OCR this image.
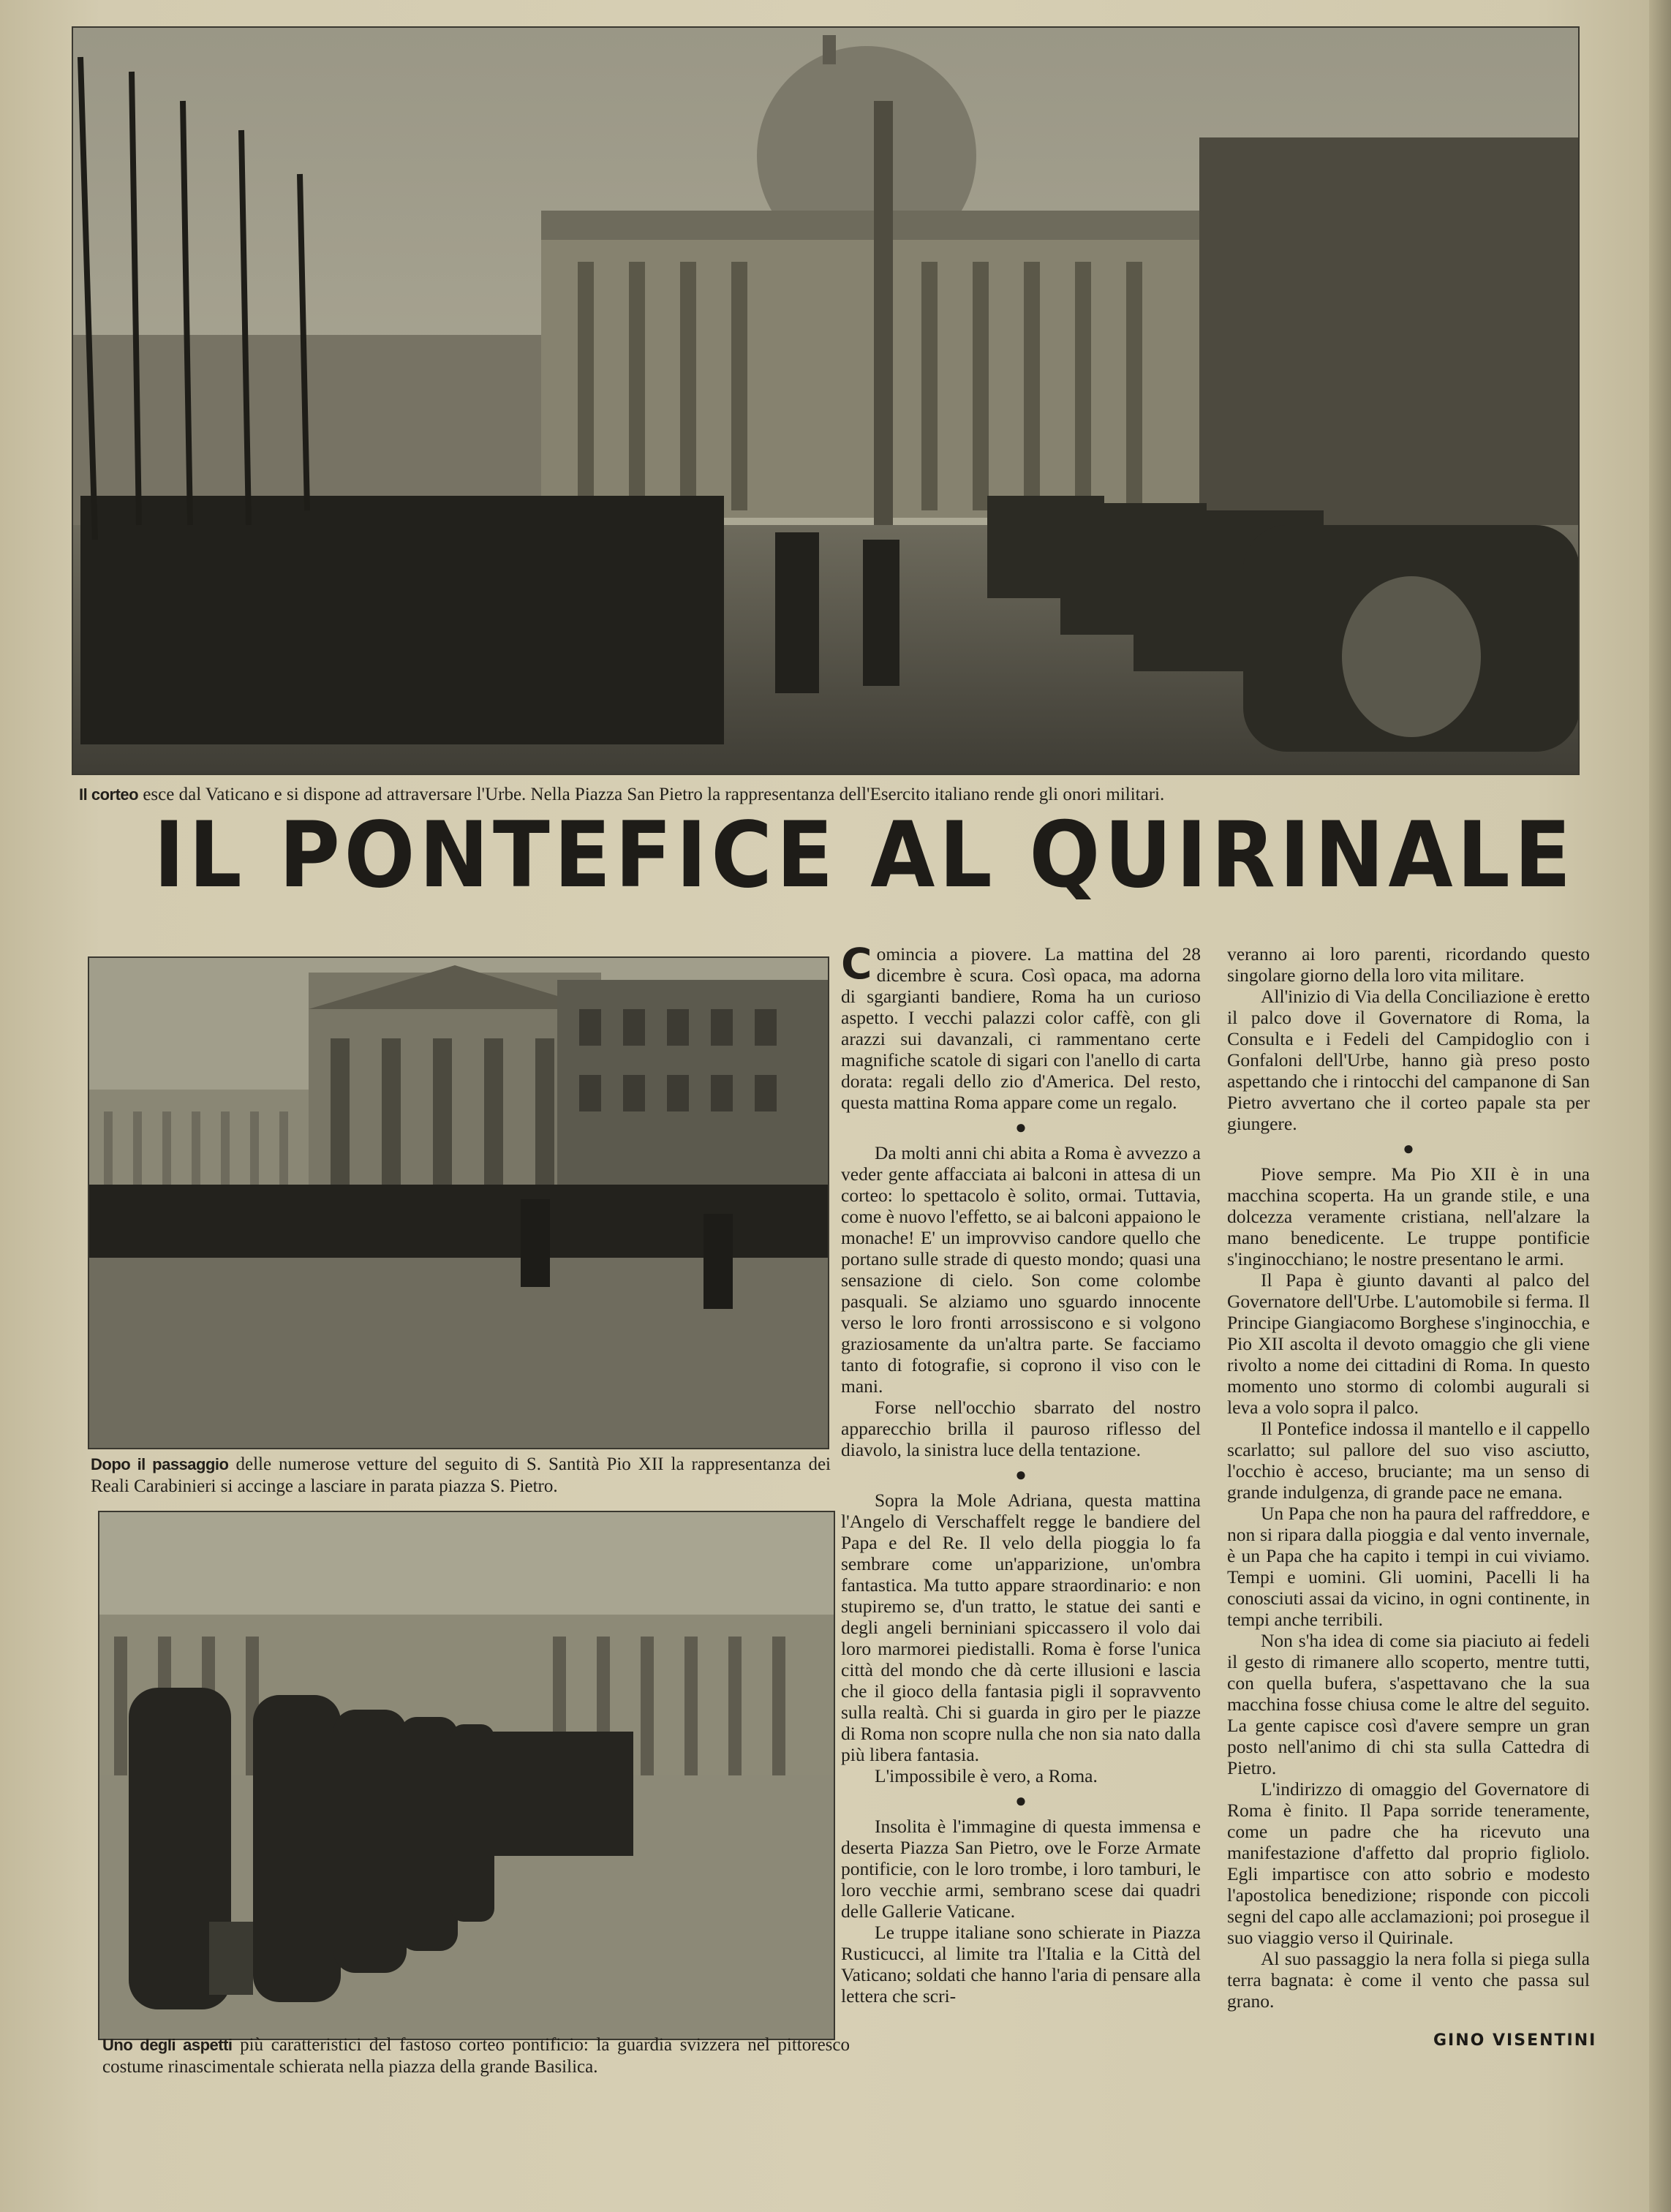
Il corteo esce dal Vaticano e si dispone ad attraversare l'Urbe. Nella Piazza San Pietro la rappresentanza dell'Esercito italiano rende gli onori militari.
IL PONTEFICE AL QUIRINALE
Dopo il passaggio delle numerose vetture del seguito di S. Santità Pio XII la rappresentanza dei Reali Carabinieri si accinge a lasciare in parata piazza S. Pietro.
Uno degli aspetti più caratteristici del fastoso corteo pontificio: la guardia svizzera nel pittoresco costume rinascimentale schierata nella piazza della grande Basilica.

Comincia a piovere. La mattina del 28 dicembre è scura. Così opaca, ma adorna di sgargianti bandiere, Roma ha un curioso aspetto. I vecchi palazzi color caffè, con gli arazzi sui davanzali, ci rammentano certe magnifiche scatole di sigari con l'anello di carta dorata: regali dello zio d'America. Del resto, questa mattina Roma appare come un regalo.

●

Da molti anni chi abita a Roma è avvezzo a veder gente affacciata ai balconi in attesa di un corteo: lo spettacolo è solito, ormai. Tuttavia, come è nuovo l'effetto, se ai balconi appaiono le monache! E' un improvviso candore quello che portano sulle strade di questo mondo; quasi una sensazione di cielo. Son come colombe pasquali. Se alziamo uno sguardo innocente verso le loro fronti arrossiscono e si volgono graziosamente da un'altra parte. Se facciamo tanto di fotografie, si coprono il viso con le mani.

Forse nell'occhio sbarrato del nostro apparecchio brilla il pauroso riflesso del diavolo, la sinistra luce della tentazione.

●

Sopra la Mole Adriana, questa mattina l'Angelo di Verschaffelt regge le bandiere del Papa e del Re. Il velo della pioggia lo fa sembrare come un'apparizione, un'ombra fantastica. Ma tutto appare straordinario: e non stupiremo se, d'un tratto, le statue dei santi e degli angeli berniniani spiccassero il volo dai loro marmorei piedistalli. Roma è forse l'unica città del mondo che dà certe illusioni e lascia che il gioco della fantasia pigli il sopravvento sulla realtà. Chi si guarda in giro per le piazze di Roma non scopre nulla che non sia nato dalla più libera fantasia.

L'impossibile è vero, a Roma.

●

Insolita è l'immagine di questa immensa e deserta Piazza San Pietro, ove le Forze Armate pontificie, con le loro trombe, i loro tamburi, le loro vecchie armi, sembrano scese dai quadri delle Gallerie Vaticane.

Le truppe italiane sono schierate in Piazza Rusticucci, al limite tra l'Italia e la Città del Vaticano; soldati che hanno l'aria di pensare alla lettera che scri-

veranno ai loro parenti, ricordando questo singolare giorno della loro vita militare.

All'inizio di Via della Conciliazione è eretto il palco dove il Governatore di Roma, la Consulta e i Fedeli del Campidoglio con i Gonfaloni dell'Urbe, hanno già preso posto aspettando che i rintocchi del campanone di San Pietro avvertano che il corteo papale sta per giungere.

●

Piove sempre. Ma Pio XII è in una macchina scoperta. Ha un grande stile, e una dolcezza veramente cristiana, nell'alzare la mano benedicente. Le truppe pontificie s'inginocchiano; le nostre presentano le armi.

Il Papa è giunto davanti al palco del Governatore dell'Urbe. L'automobile si ferma. Il Principe Giangiacomo Borghese s'inginocchia, e Pio XII ascolta il devoto omaggio che gli viene rivolto a nome dei cittadini di Roma. In questo momento uno stormo di colombi augurali si leva a volo sopra il palco.

Il Pontefice indossa il mantello e il cappello scarlatto; sul pallore del suo viso asciutto, l'occhio è acceso, bruciante; ma un senso di grande indulgenza, di grande pace ne emana.

Un Papa che non ha paura del raffreddore, e non si ripara dalla pioggia e dal vento invernale, è un Papa che ha capito i tempi in cui viviamo. Tempi e uomini. Gli uomini, Pacelli li ha conosciuti assai da vicino, in ogni continente, in tempi anche terribili.

Non s'ha idea di come sia piaciuto ai fedeli il gesto di rimanere allo scoperto, mentre tutti, con quella bufera, s'aspettavano che la sua macchina fosse chiusa come le altre del seguito. La gente capisce così d'avere sempre un gran posto nell'animo di chi sta sulla Cattedra di Pietro.

L'indirizzo di omaggio del Governatore di Roma è finito. Il Papa sorride teneramente, come un padre che ha ricevuto una manifestazione d'affetto dal proprio figliolo. Egli impartisce con atto sobrio e modesto l'apostolica benedizione; risponde con piccoli segni del capo alle acclamazioni; poi prosegue il suo viaggio verso il Quirinale.

Al suo passaggio la nera folla si piega sulla terra bagnata: è come il vento che passa sul grano.

GINO VISENTINI
